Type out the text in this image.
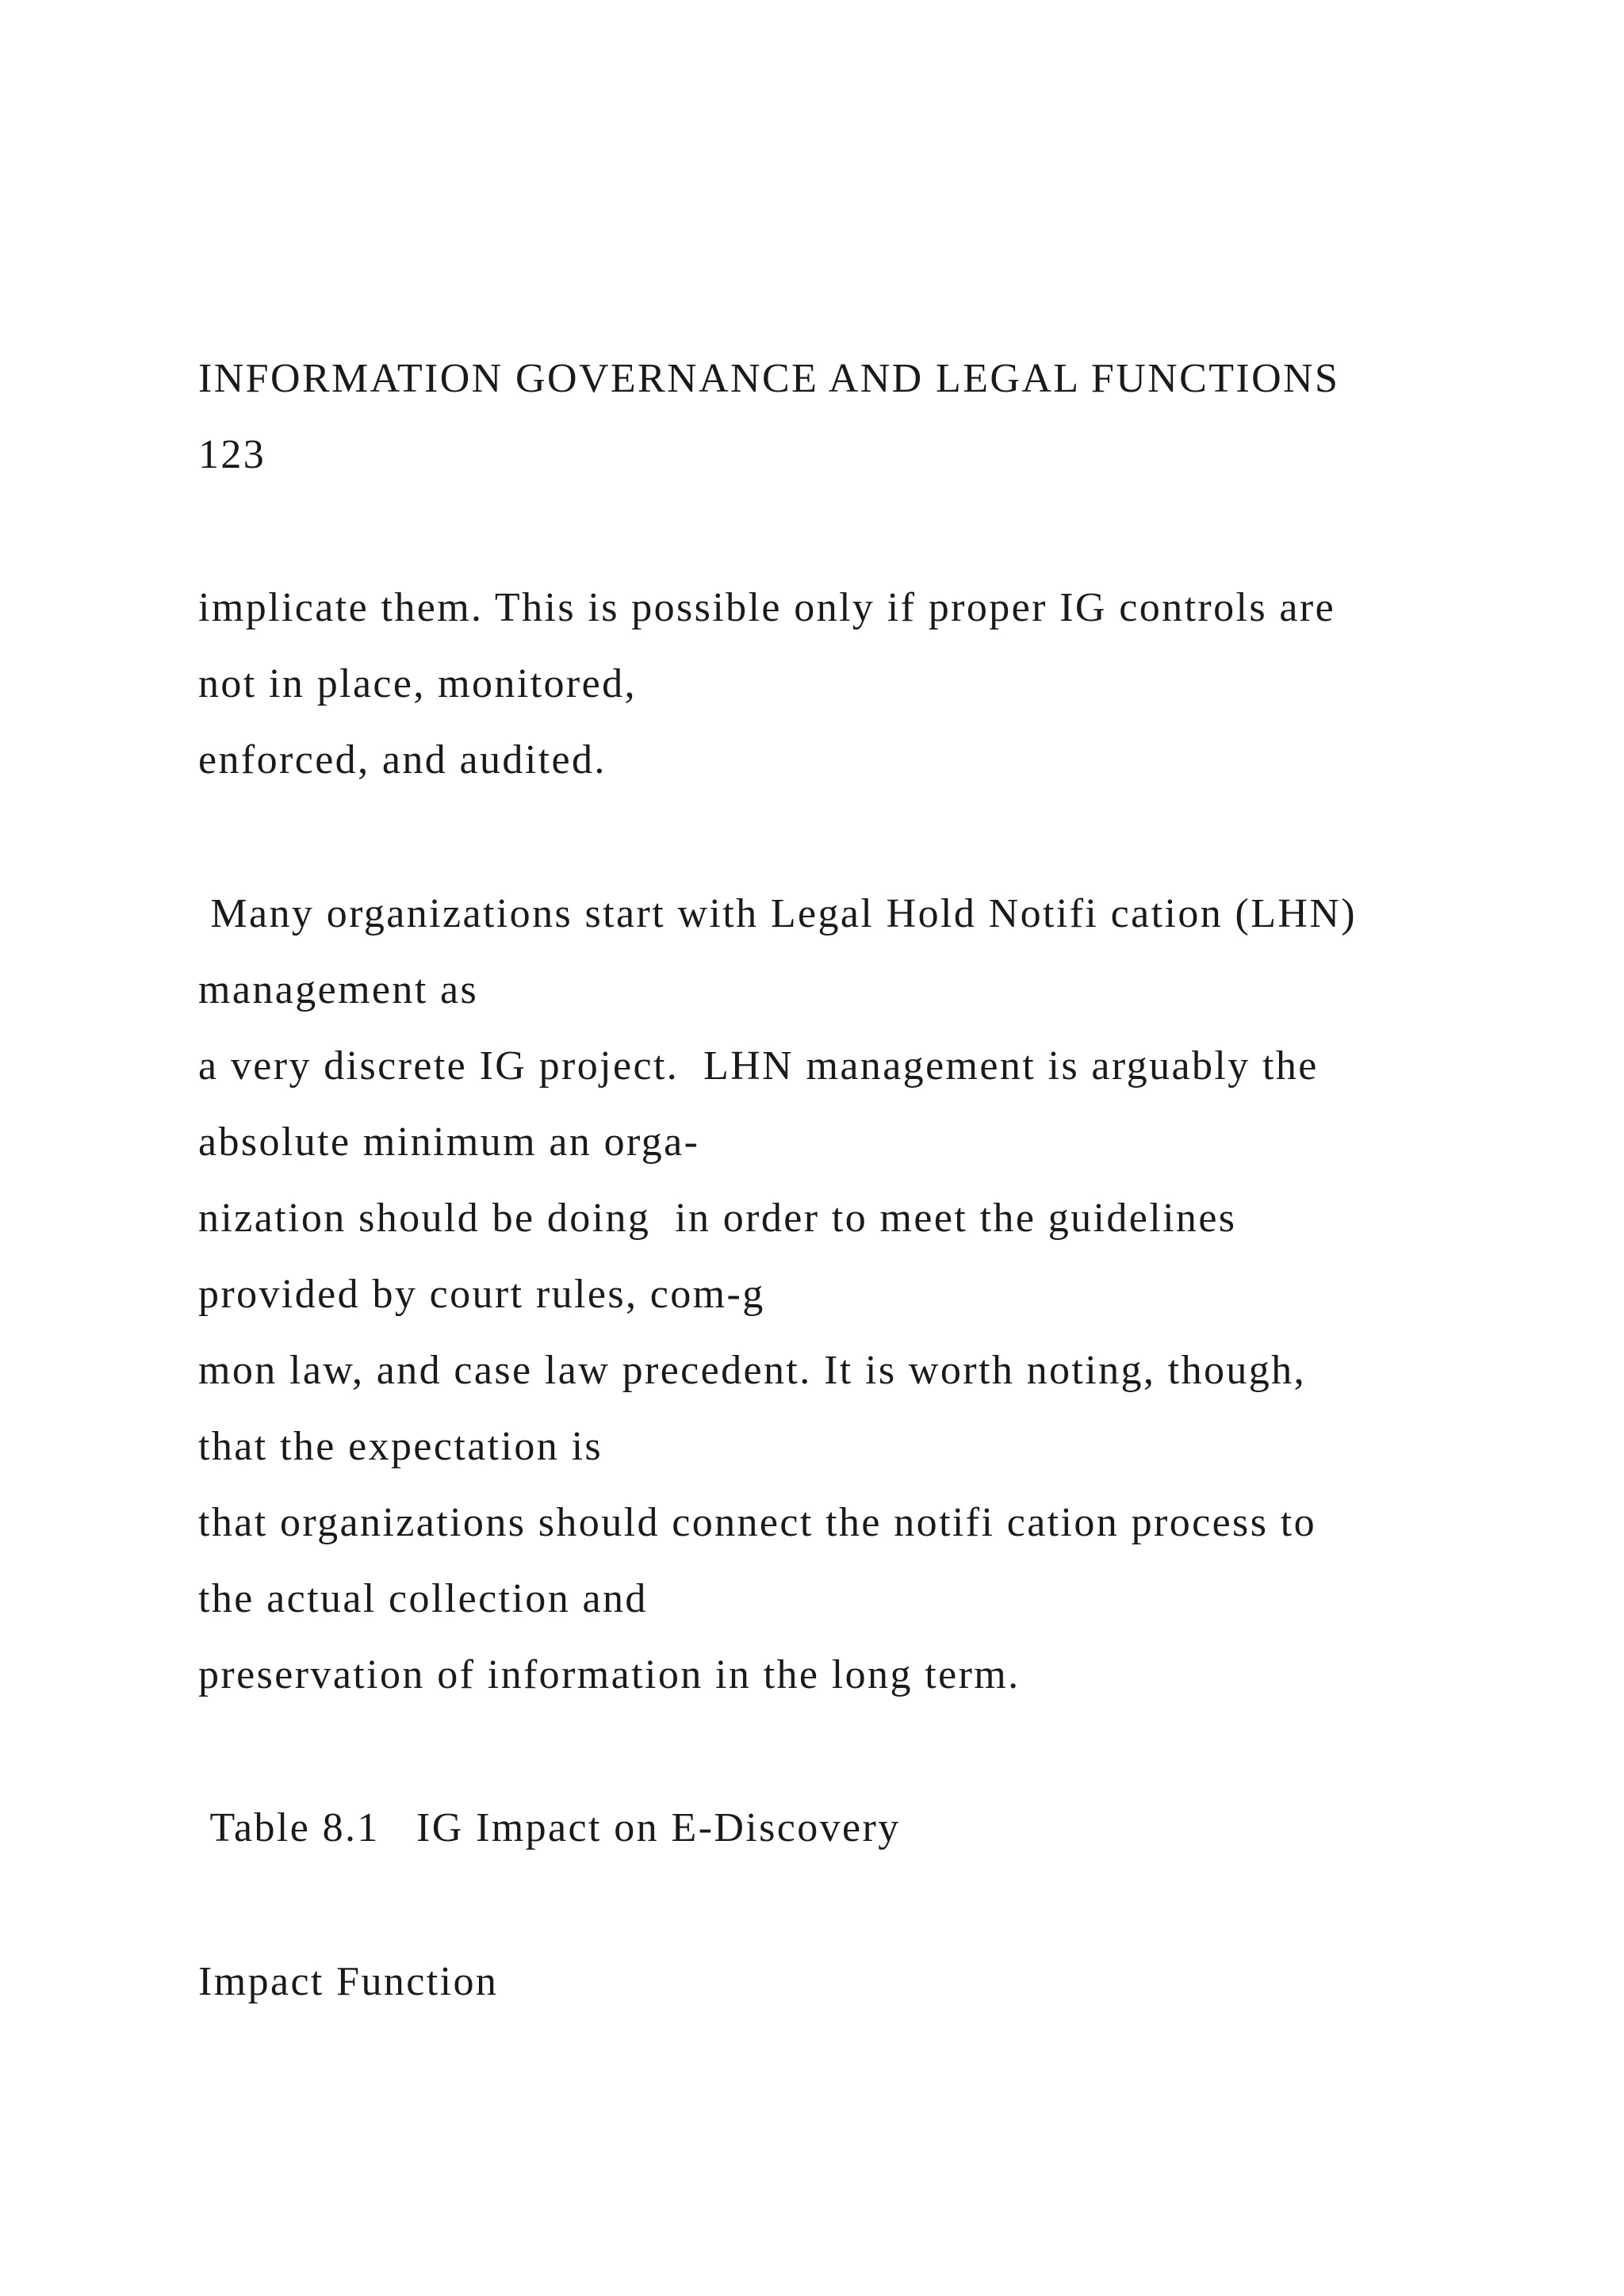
INFORMATION GOVERNANCE AND LEGAL FUNCTIONS
123
implicate them. This is possible only if proper IG controls are
not in place, monitored,
enforced, and audited.
Many organizations start with Legal Hold Notifi cation (LHN)
management as
a very discrete IG project.  LHN management is arguably the
absolute minimum an orga-
nization should be doing  in order to meet the guidelines
provided by court rules, com-g
mon law, and case law precedent. It is worth noting, though,
that the expectation is
that organizations should connect the notifi cation process to
the actual collection and
preservation of information in the long term.
Table 8.1   IG Impact on E-Discovery
Impact Function
